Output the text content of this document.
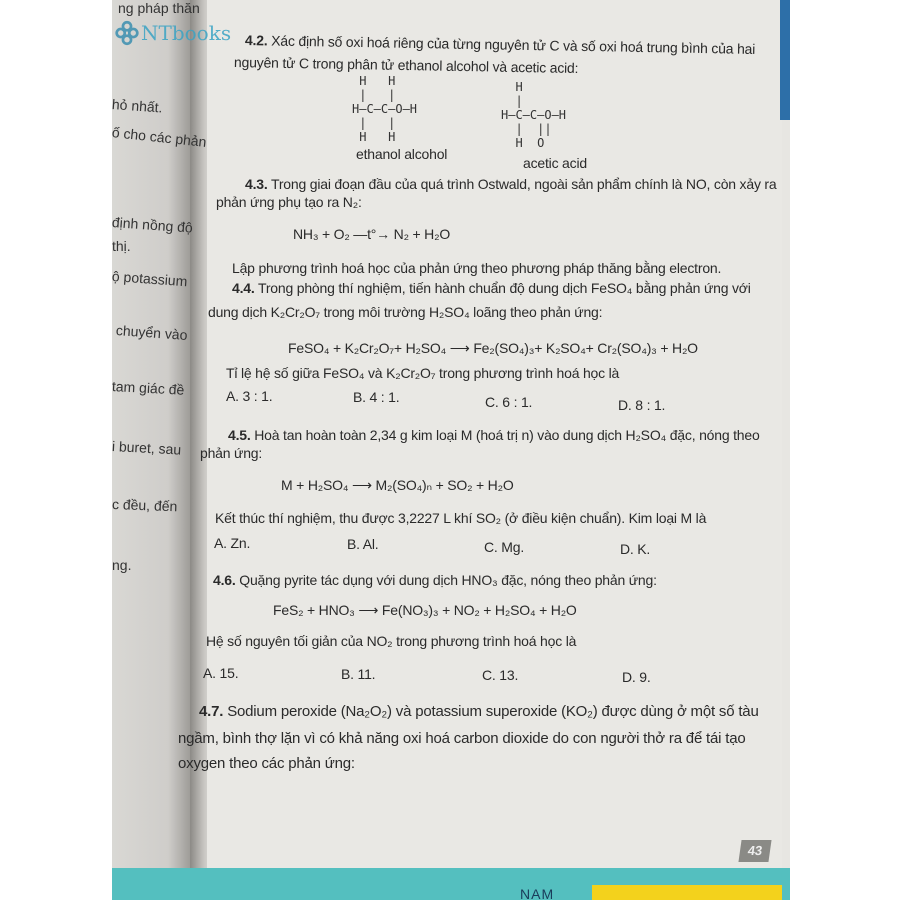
NAM
ng pháp thăn
hỏ nhất.
ố cho các phản
định nồng độ
thị.
ộ potassium
chuyển vào
tam giác đề
i buret, sau
c đều, đến
ng.
NTbooks 4.2. Xác định số oxi hoá riêng của từng nguyên tử C và số oxi hoá trung bình của hai
nguyên tử C trong phân tử ethanol alcohol và acetic acid:
H   H
|   |
H—C—C—O—H
|   |
H   H
ethanol alcohol
H
|
H—C—C—O—H
|  ||
H  O
acetic acid
4.3. Trong giai đoạn đầu của quá trình Ostwald, ngoài sản phẩm chính là NO, còn xảy ra
phản ứng phụ tạo ra N₂:
NH₃ + O₂ —t°→ N₂ + H₂O
Lập phương trình hoá học của phản ứng theo phương pháp thăng bằng electron.
4.4. Trong phòng thí nghiệm, tiến hành chuẩn độ dung dịch FeSO₄ bằng phản ứng với
dung dịch K₂Cr₂O₇ trong môi trường H₂SO₄ loãng theo phản ứng:
FeSO₄ + K₂Cr₂O₇+ H₂SO₄ ⟶ Fe₂(SO₄)₃+ K₂SO₄+ Cr₂(SO₄)₃ + H₂O
Tỉ lệ hệ số giữa FeSO₄ và K₂Cr₂O₇ trong phương trình hoá học là
A. 3 : 1.	B. 4 : 1.	C. 6 : 1.	D. 8 : 1.
4.5. Hoà tan hoàn toàn 2,34 g kim loại M (hoá trị n) vào dung dịch H₂SO₄ đặc, nóng theo
phản ứng:
M + H₂SO₄ ⟶ M₂(SO₄)ₙ + SO₂ + H₂O
Kết thúc thí nghiệm, thu được 3,2227 L khí SO₂ (ở điều kiện chuẩn). Kim loại M là
A. Zn.	B. Al.	C. Mg.	D. K.
4.6. Quặng pyrite tác dụng với dung dịch HNO₃ đặc, nóng theo phản ứng:
FeS₂ + HNO₃ ⟶ Fe(NO₃)₃ + NO₂ + H₂SO₄ + H₂O
Hệ số nguyên tối giản của NO₂ trong phương trình hoá học là
A. 15.	B. 11.	C. 13.	D. 9.
4.7. Sodium peroxide (Na₂O₂) và potassium superoxide (KO₂) được dùng ở một số tàu
ngầm, bình thợ lặn vì có khả năng oxi hoá carbon dioxide do con người thở ra để tái tạo
oxygen theo các phản ứng:
43
